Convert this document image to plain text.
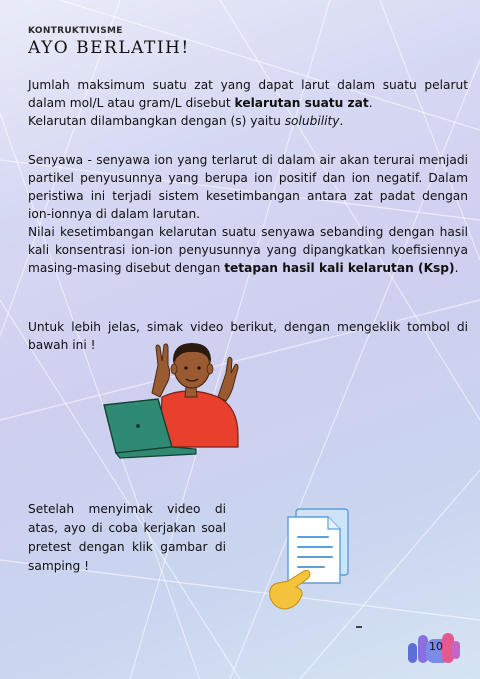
KONTRUKTIVISME
AYO BERLATIH!

Jumlah maksimum suatu zat yang dapat larut dalam suatu pelarut dalam mol/L atau gram/L disebut kelarutan suatu zat.
Kelarutan dilambangkan dengan (s) yaitu solubility.

Senyawa - senyawa ion yang terlarut di dalam air akan terurai menjadi partikel penyusunnya yang berupa ion positif dan ion negatif. Dalam peristiwa ini terjadi sistem kesetimbangan antara zat padat dengan ion-ionnya di dalam larutan.
Nilai kesetimbangan kelarutan suatu senyawa sebanding dengan hasil kali konsentrasi ion-ion penyusunnya yang dipangkatkan koefisiennya masing-masing disebut dengan tetapan hasil kali kelarutan (Ksp).

Untuk lebih jelas, simak video berikut, dengan mengeklik tombol di bawah ini !

Setelah menyimak video di atas, ayo di coba kerjakan soal pretest dengan klik gambar di samping !

10
